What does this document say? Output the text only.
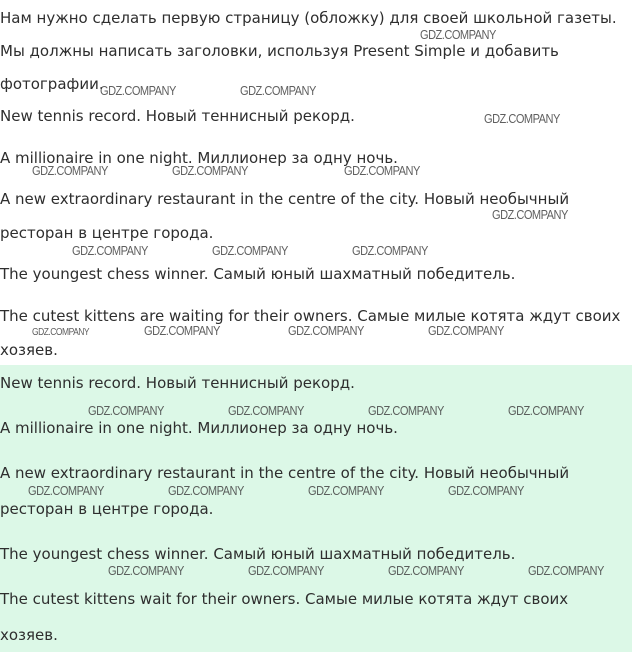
Нам нужно сделать первую страницу (обложку) для своей школьной газеты.

Мы должны написать заголовки, используя Present Simple и добавить

фотографии.

New tennis record. Новый теннисный рекорд.

A millionaire in one night. Миллионер за одну ночь.

A new extraordinary restaurant in the centre of the city. Новый необычный

ресторан в центре города.

The youngest chess winner. Самый юный шахматный победитель.

The cutest kittens are waiting for their owners. Самые милые котята ждут своих

хозяев.

New tennis record. Новый теннисный рекорд.

A millionaire in one night. Миллионер за одну ночь.

A new extraordinary restaurant in the centre of the city. Новый необычный

ресторан в центре города.

The youngest chess winner. Самый юный шахматный победитель.

The cutest kittens wait for their owners. Самые милые котята ждут своих

хозяев.

GDZ.COMPANY
GDZ.COMPANY	GDZ.COMPANY
GDZ.COMPANY
GDZ.COMPANY	GDZ.COMPANY	GDZ.COMPANY
GDZ.COMPANY
GDZ.COMPANY	GDZ.COMPANY	GDZ.COMPANY
GDZ.COMPANY	GDZ.COMPANY	GDZ.COMPANY	GDZ.COMPANY
GDZ.COMPANY	GDZ.COMPANY	GDZ.COMPANY	GDZ.COMPANY
GDZ.COMPANY	GDZ.COMPANY	GDZ.COMPANY	GDZ.COMPANY
GDZ.COMPANY	GDZ.COMPANY	GDZ.COMPANY	GDZ.COMPANY
